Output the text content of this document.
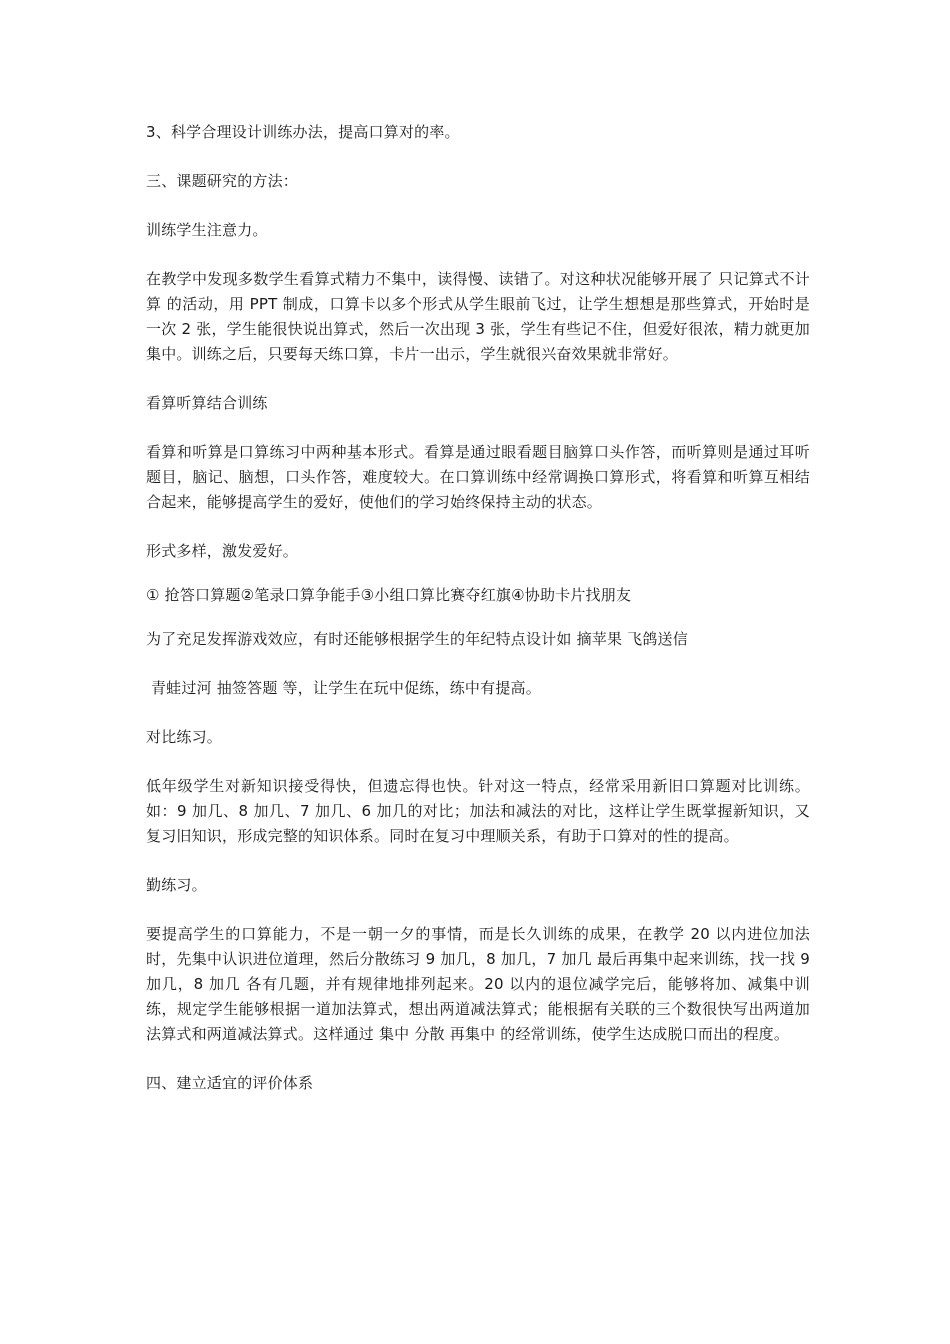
3、科学合理设计训练办法，提高口算对的率。

三、课题研究的方法：

训练学生注意力。

在教学中发现多数学生看算式精力不集中，读得慢、读错了。对这种状况能够开展了 只记算式不计算 的活动，用 PPT 制成，口算卡以多个形式从学生眼前飞过，让学生想想是那些算式，开始时是一次 2 张，学生能很快说出算式，然后一次出现 3 张，学生有些记不住，但爱好很浓，精力就更加集中。训练之后，只要每天练口算，卡片一出示，学生就很兴奋效果就非常好。

看算听算结合训练

看算和听算是口算练习中两种基本形式。看算是通过眼看题目脑算口头作答，而听算则是通过耳听题目，脑记、脑想，口头作答，难度较大。在口算训练中经常调换口算形式，将看算和听算互相结合起来，能够提高学生的爱好，使他们的学习始终保持主动的状态。

形式多样，激发爱好。

① 抢答口算题②笔录口算争能手③小组口算比赛夺红旗④协助卡片找朋友

为了充足发挥游戏效应，有时还能够根据学生的年纪特点设计如 摘苹果 飞鸽送信

青蛙过河 抽签答题 等，让学生在玩中促练，练中有提高。

对比练习。

低年级学生对新知识接受得快，但遗忘得也快。针对这一特点，经常采用新旧口算题对比训练。如：9 加几、8 加几、7 加几、6 加几的对比；加法和减法的对比，这样让学生既掌握新知识，又复习旧知识，形成完整的知识体系。同时在复习中理顺关系，有助于口算对的性的提高。

勤练习。

要提高学生的口算能力，不是一朝一夕的事情，而是长久训练的成果，在教学 20 以内进位加法时，先集中认识进位道理，然后分散练习 9 加几，8 加几，7 加几 最后再集中起来训练，找一找 9 加几，8 加几 各有几题，并有规律地排列起来。20 以内的退位减学完后，能够将加、减集中训练，规定学生能够根据一道加法算式，想出两道减法算式；能根据有关联的三个数很快写出两道加法算式和两道减法算式。这样通过 集中 分散 再集中 的经常训练，使学生达成脱口而出的程度。

四、建立适宜的评价体系
